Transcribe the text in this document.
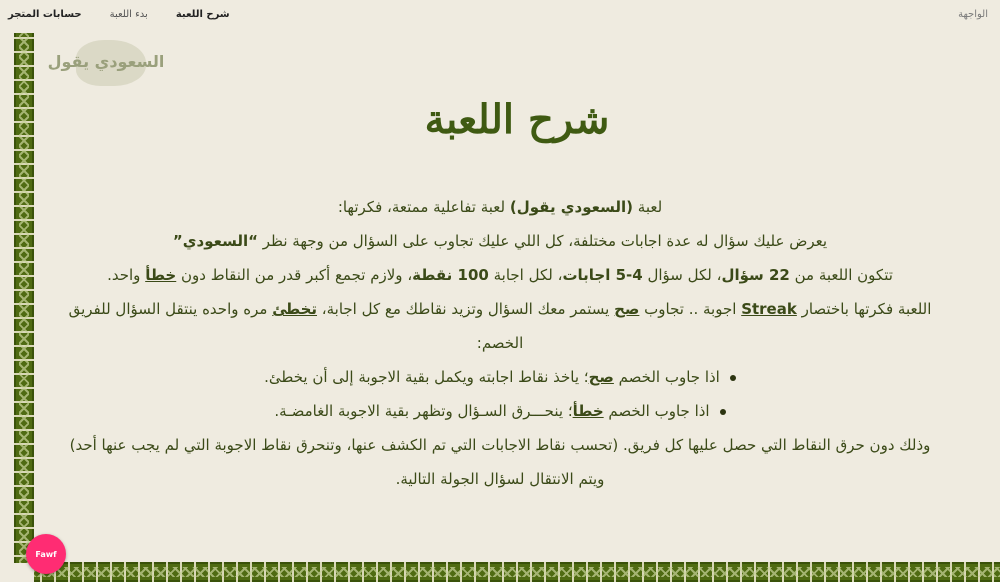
حسابات المتجر	بدء اللعبة	شرح اللعبة	الواجهة
السعودي يقول
شرح اللعبة

لعبة (السعودي يقول) لعبة تفاعلية ممتعة، فكرتها:

يعرض عليك سؤال له عدة اجابات مختلفة، كل اللي عليك تجاوب على السؤال من وجهة نظر “السعودي”

تتكون اللعبة من 22 سؤال، لكل سؤال 4-5 اجابات، لكل اجابة 100 نقطة، ولازم تجمع أكبر قدر من النقاط دون خطأ واحد.

اللعبة فكرتها باختصار Streak اجوبة .. تجاوب صح يستمر معك السؤال وتزيد نقاطك مع كل اجابة، تخطئ مره واحده ينتقل السؤال للفريق الخصم:

اذا جاوب الخصم صح؛ ياخذ نقاط اجابته ويكمل بقية الاجوبة إلى أن يخطئ.
اذا جاوب الخصم خطأ؛ ينحـــرق السـؤال وتظهر بقية الاجوبة الغامضـة.

وذلك دون حرق النقاط التي حصل عليها كل فريق. (تحسب نقاط الاجابات التي تم الكشف عنها، وتنحرق نقاط الاجوبة التي لم يجب عنها أحد) ويتم الانتقال لسؤال الجولة التالية.

Fawf
